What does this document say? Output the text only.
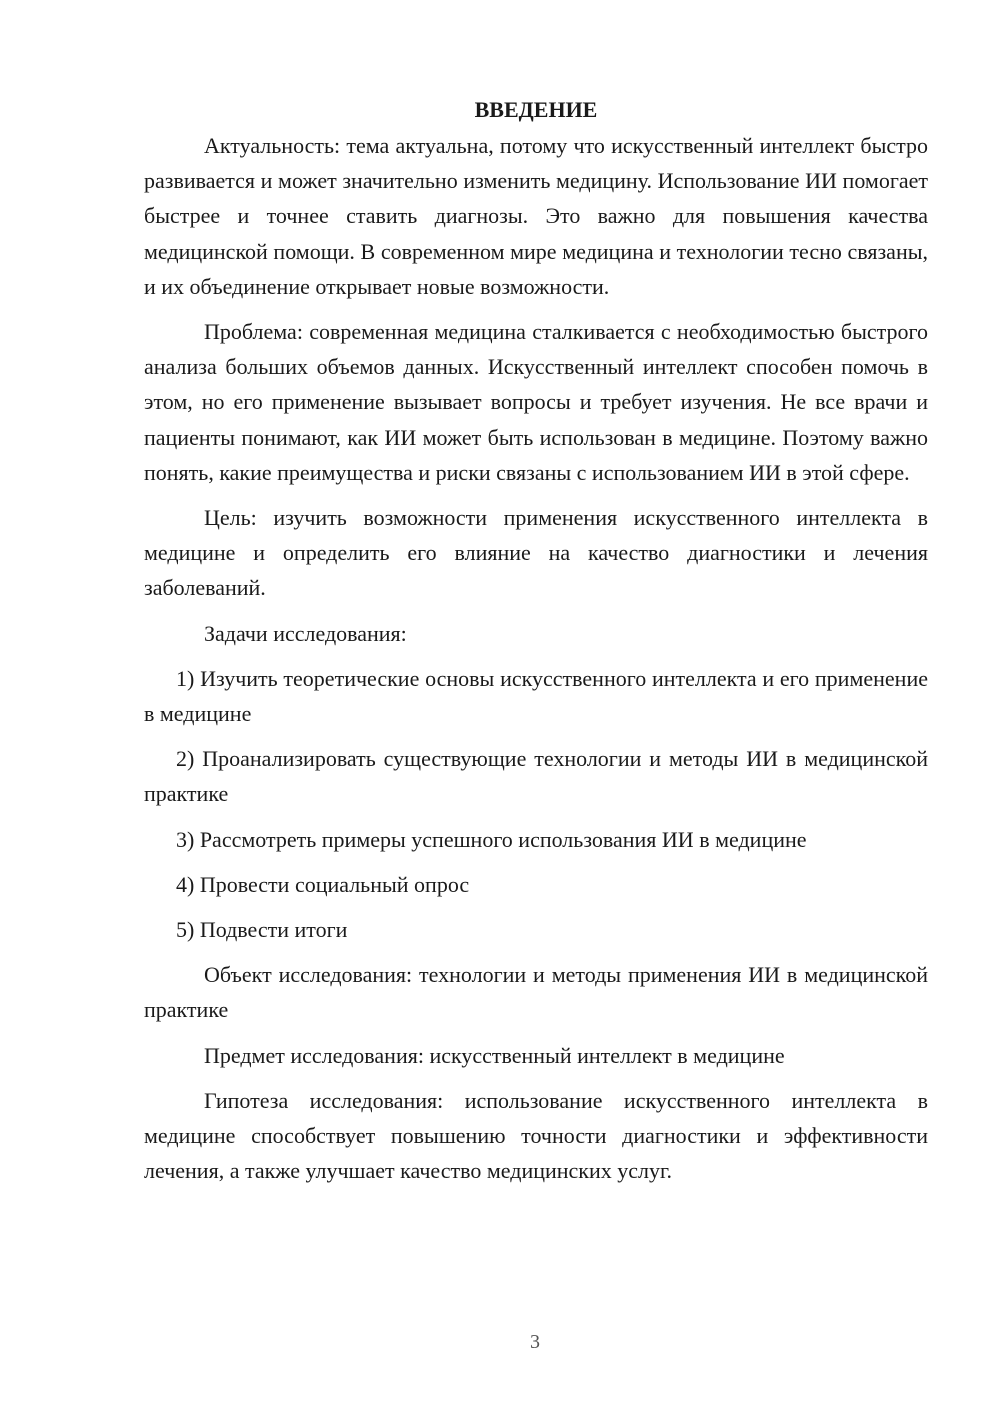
ВВЕДЕНИЕ

Актуальность: тема актуальна, потому что искусственный интеллект быстро развивается и может значительно изменить медицину. Использование ИИ помогает быстрее и точнее ставить диагнозы. Это важно для повышения качества медицинской помощи. В современном мире медицина и технологии тесно связаны, и их объединение открывает новые возможности.

Проблема: современная медицина сталкивается с необходимостью быстрого анализа больших объемов данных. Искусственный интеллект способен помочь в этом, но его применение вызывает вопросы и требует изучения. Не все врачи и пациенты понимают, как ИИ может быть использован в медицине. Поэтому важно понять, какие преимущества и риски связаны с использованием ИИ в этой сфере.

Цель: изучить возможности применения искусственного интеллекта в медицине и определить его влияние на качество диагностики и лечения заболеваний.

Задачи исследования:

1) Изучить теоретические основы искусственного интеллекта и его применение в медицине

2) Проанализировать существующие технологии и методы ИИ в медицинской практике

3) Рассмотреть примеры успешного использования ИИ в медицине

4) Провести социальный опрос

5) Подвести итоги

Объект исследования: технологии и методы применения ИИ в медицинской практике

Предмет исследования: искусственный интеллект в медицине

Гипотеза исследования: использование искусственного интеллекта в медицине способствует повышению точности диагностики и эффективности лечения, а также улучшает качество медицинских услуг.

3
